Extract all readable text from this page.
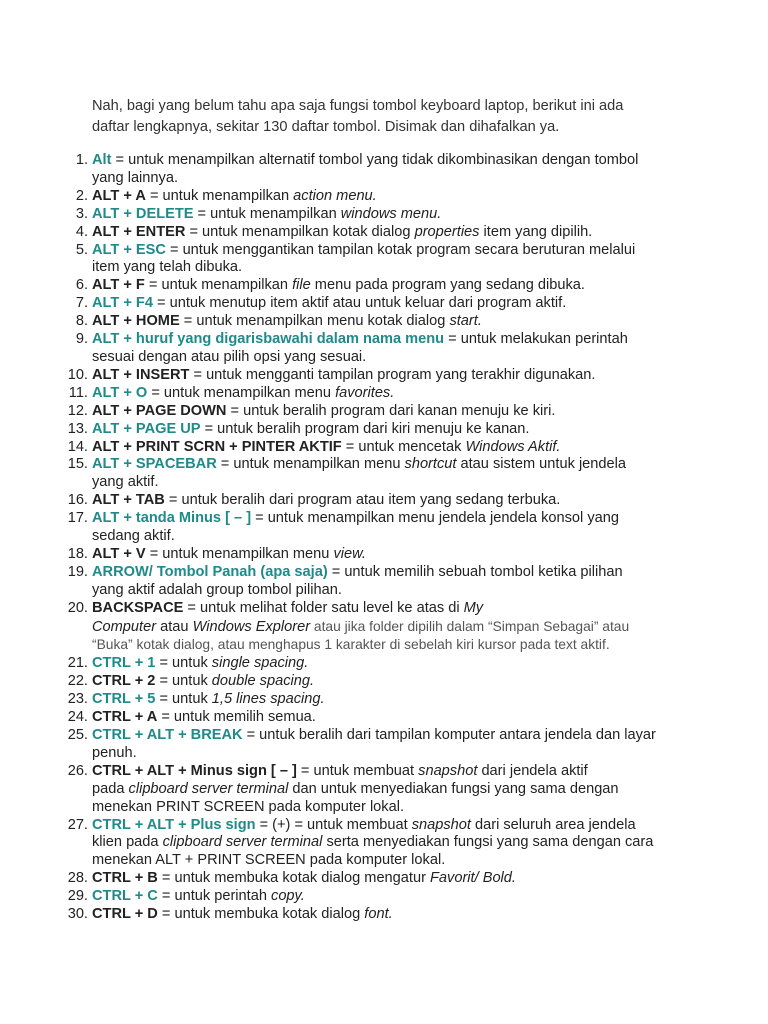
Nah, bagi yang belum tahu apa saja fungsi tombol keyboard laptop, berikut ini ada

daftar lengkapnya, sekitar 130 daftar tombol. Disimak dan dihafalkan ya.

1. Alt = untuk menampilkan alternatif tombol yang tidak dikombinasikan dengan tombol
yang lainnya.
2. ALT + A = untuk menampilkan action menu.
3. ALT + DELETE = untuk menampilkan windows menu.
4. ALT + ENTER = untuk menampilkan kotak dialog properties item yang dipilih.
5. ALT + ESC = untuk menggantikan tampilan kotak program secara beruturan melalui
item yang telah dibuka.
6. ALT + F = untuk menampilkan file menu pada program yang sedang dibuka.
7. ALT + F4 = untuk menutup item aktif atau untuk keluar dari program aktif.
8. ALT + HOME = untuk menampilkan menu kotak dialog start.
9. ALT + huruf yang digarisbawahi dalam nama menu = untuk melakukan perintah
sesuai dengan atau pilih opsi yang sesuai.
10. ALT + INSERT = untuk mengganti tampilan program yang terakhir digunakan.
11. ALT + O = untuk menampilkan menu favorites.
12. ALT + PAGE DOWN = untuk beralih program dari kanan menuju ke kiri.
13. ALT + PAGE UP = untuk beralih program dari kiri menuju ke kanan.
14. ALT + PRINT SCRN + PINTER AKTIF = untuk mencetak Windows Aktif.
15. ALT + SPACEBAR = untuk menampilkan menu shortcut atau sistem untuk jendela
yang aktif.
16. ALT + TAB = untuk beralih dari program atau item yang sedang terbuka.
17. ALT + tanda Minus [ – ] = untuk menampilkan menu jendela jendela konsol yang
sedang aktif.
18. ALT + V = untuk menampilkan menu view.
19. ARROW/ Tombol Panah (apa saja) = untuk memilih sebuah tombol ketika pilihan
yang aktif adalah group tombol pilihan.
20. BACKSPACE = untuk melihat folder satu level ke atas di My
Computer atau Windows Explorer atau jika folder dipilih dalam “Simpan Sebagai” atau
“Buka” kotak dialog, atau menghapus 1 karakter di sebelah kiri kursor pada text aktif.
21. CTRL + 1 = untuk single spacing.
22. CTRL + 2 = untuk double spacing.
23. CTRL + 5 = untuk 1,5 lines spacing.
24. CTRL + A = untuk memilih semua.
25. CTRL + ALT + BREAK = untuk beralih dari tampilan komputer antara jendela dan layar
penuh.
26. CTRL + ALT + Minus sign [ – ] = untuk membuat snapshot dari jendela aktif
pada clipboard server terminal dan untuk menyediakan fungsi yang sama dengan
menekan PRINT SCREEN pada komputer lokal.
27. CTRL + ALT + Plus sign = (+) = untuk membuat snapshot dari seluruh area jendela
klien pada clipboard server terminal serta menyediakan fungsi yang sama dengan cara
menekan ALT + PRINT SCREEN pada komputer lokal.
28. CTRL + B = untuk membuka kotak dialog mengatur Favorit/ Bold.
29. CTRL + C = untuk perintah copy.
30. CTRL + D = untuk membuka kotak dialog font.
